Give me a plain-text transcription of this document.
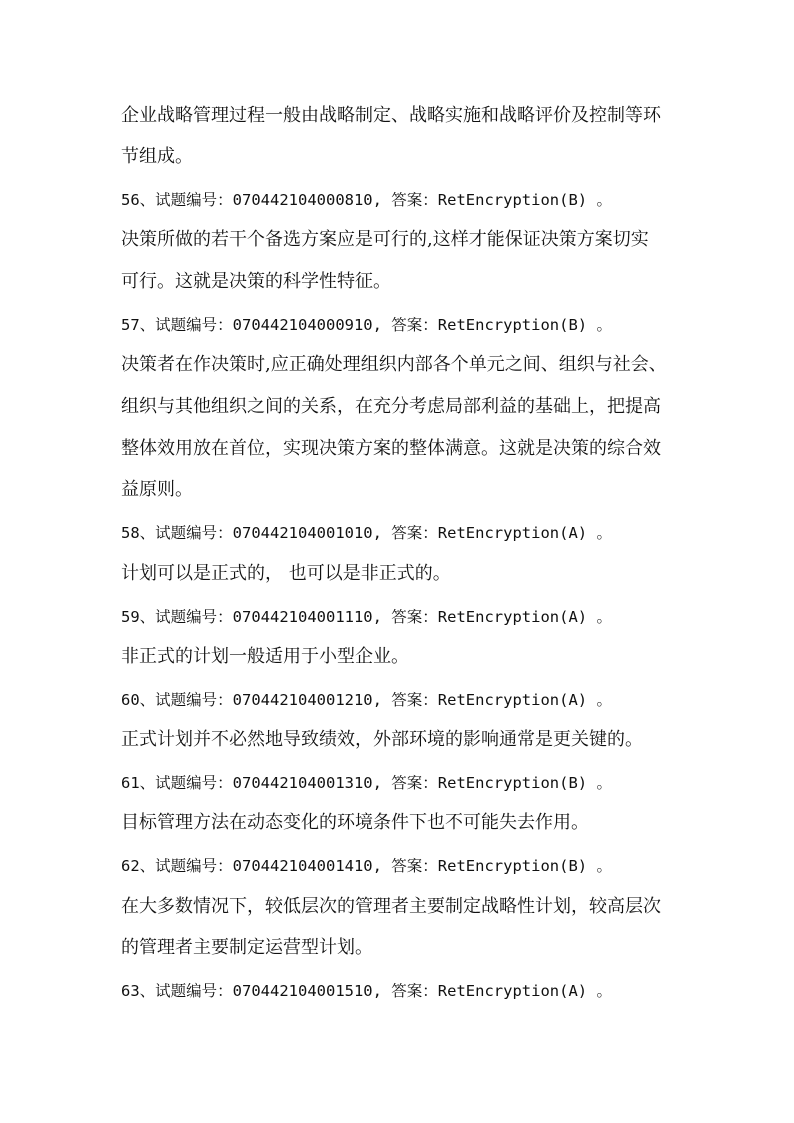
企业战略管理过程一般由战略制定、战略实施和战略评价及控制等环
节组成。
56、试题编号：070442104000810, 答案：RetEncryption(B) 。
决策所做的若干个备选方案应是可行的,这样才能保证决策方案切实
可行。这就是决策的科学性特征。
57、试题编号：070442104000910, 答案：RetEncryption(B) 。
决策者在作决策时,应正确处理组织内部各个单元之间、组织与社会、
组织与其他组织之间的关系，在充分考虑局部利益的基础上，把提高
整体效用放在首位，实现决策方案的整体满意。这就是决策的综合效
益原则。
58、试题编号：070442104001010, 答案：RetEncryption(A) 。
计划可以是正式的， 也可以是非正式的。
59、试题编号：070442104001110, 答案：RetEncryption(A) 。
非正式的计划一般适用于小型企业。
60、试题编号：070442104001210, 答案：RetEncryption(A) 。
正式计划并不必然地导致绩效，外部环境的影响通常是更关键的。
61、试题编号：070442104001310, 答案：RetEncryption(B) 。
目标管理方法在动态变化的环境条件下也不可能失去作用。
62、试题编号：070442104001410, 答案：RetEncryption(B) 。
在大多数情况下，较低层次的管理者主要制定战略性计划，较高层次
的管理者主要制定运营型计划。
63、试题编号：070442104001510, 答案：RetEncryption(A) 。
